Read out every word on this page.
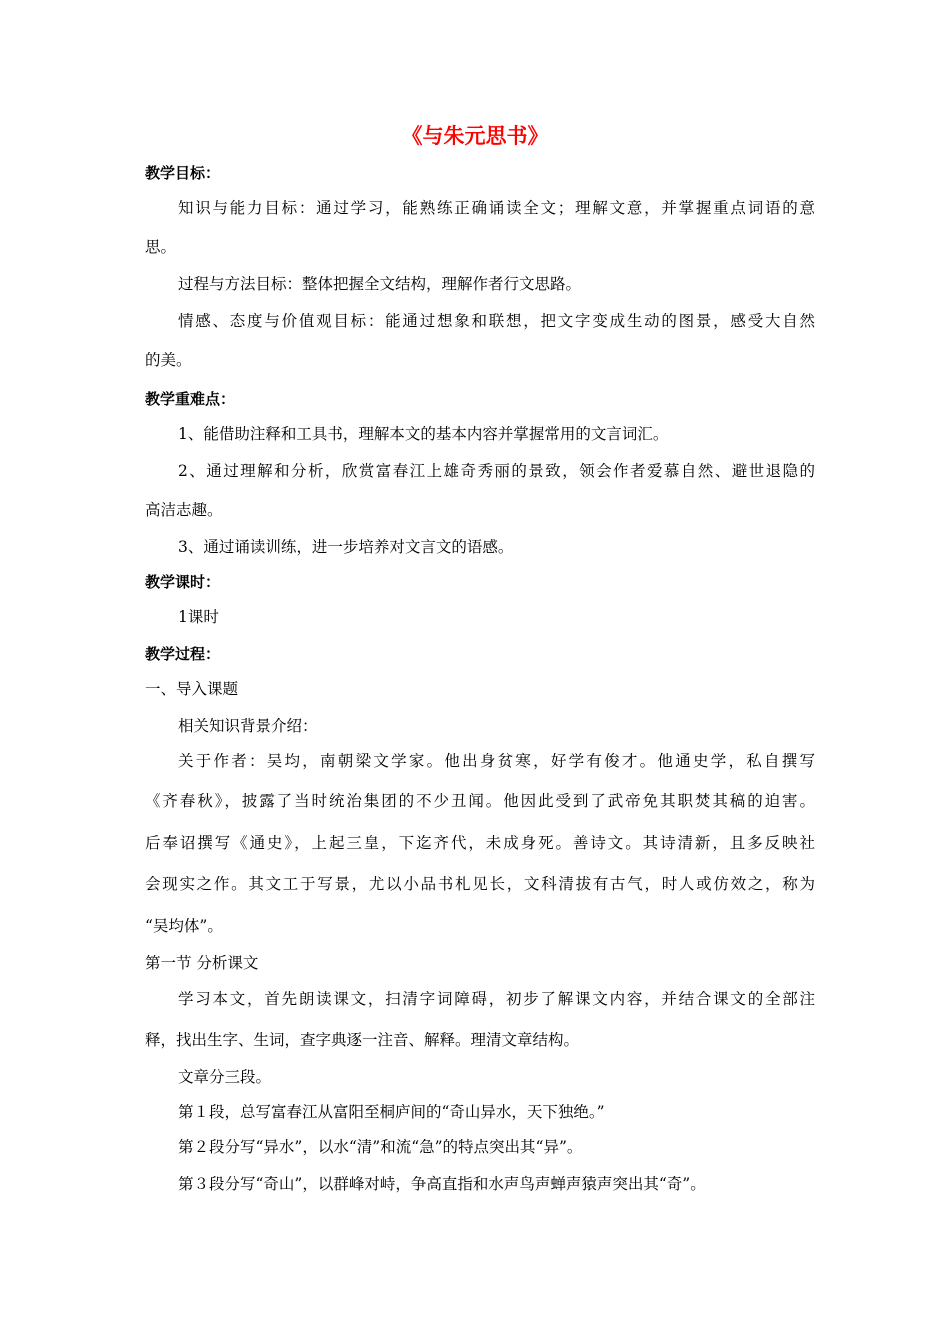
《与朱元思书》
教学目标：
知识与能力目标：通过学习，能熟练正确诵读全文；理解文意，并掌握重点词语的意
思。
过程与方法目标：整体把握全文结构，理解作者行文思路。
情感、态度与价值观目标：能通过想象和联想，把文字变成生动的图景，感受大自然
的美。
教学重难点：
1、能借助注释和工具书，理解本文的基本内容并掌握常用的文言词汇。
2、通过理解和分析，欣赏富春江上雄奇秀丽的景致，领会作者爱慕自然、避世退隐的
高洁志趣。
3、通过诵读训练，进一步培养对文言文的语感。
教学课时：
1课时
教学过程：
一、导入课题
相关知识背景介绍：
关于作者：吴均，南朝梁文学家。他出身贫寒，好学有俊才。他通史学，私自撰写
《齐春秋》，披露了当时统治集团的不少丑闻。他因此受到了武帝免其职焚其稿的迫害。
后奉诏撰写《通史》，上起三皇，下迄齐代，未成身死。善诗文。其诗清新，且多反映社
会现实之作。其文工于写景，尤以小品书札见长，文科清拔有古气，时人或仿效之，称为
“吴均体”。
第一节 分析课文
学习本文，首先朗读课文，扫清字词障碍，初步了解课文内容，并结合课文的全部注
释，找出生字、生词，查字典逐一注音、解释。理清文章结构。
文章分三段。
第１段，总写富春江从富阳至桐庐间的“奇山异水，天下独绝。”
第２段分写“异水”，以水“清”和流“急”的特点突出其“异”。
第３段分写“奇山”，以群峰对峙，争高直指和水声鸟声蝉声猿声突出其“奇”。
